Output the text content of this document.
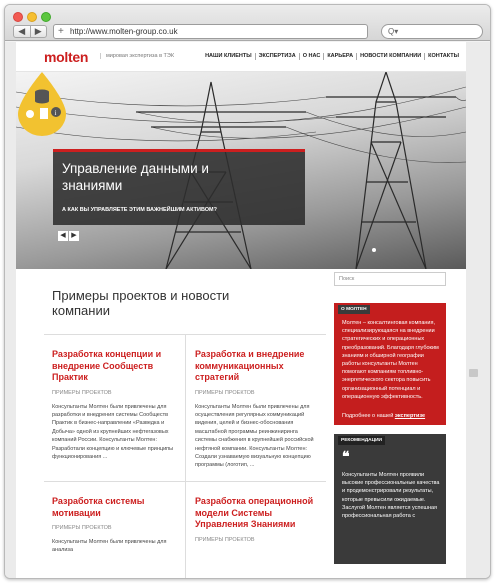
◀	▶	+ http://www.molten-group.co.uk	Q▾
molten	мировая экспертиза в ТЭК	НАШИ КЛИЕНТЫ	ЭКСПЕРТИЗА	О НАС	КАРЬЕРА	НОВОСТИ КОМПАНИИ	КОНТАКТЫ
Управление данными и знаниями
А КАК ВЫ УПРАВЛЯЕТЕ ЭТИМ ВАЖНЕЙШИМ АКТИВОМ?
i
◀ ▶
Примеры проектов и новости компании
Разработка концепции и внедрение Сообществ Практик
ПРИМЕРЫ ПРОЕКТОВ

Консультанты Молтен были привлечены для разработки и внедрения системы Сообществ Практик в бизнес-направлении «Разведка и Добыча» одной из крупнейших нефтегазовых компаний России. Консультанты Молтен: Разработали концепцию и ключевые принципы функционирования ...

Разработка и внедрение коммуникационных стратегий
ПРИМЕРЫ ПРОЕКТОВ

Консультанты Молтен были привлечены для осуществления регулярных коммуникаций видения, целей и бизнес-обоснования масштабной программы реинжиниринга системы снабжения в крупнейшей российской нефтяной компании. Консультанты Молтен: Создали узнаваемую визуальную концепцию программы (логотип, ...

Разработка системы мотивации
ПРИМЕРЫ ПРОЕКТОВ

Консультанты Молтен были привлечены для анализа

Разработка операционной модели Системы Управления Знаниями
ПРИМЕРЫ ПРОЕКТОВ
Поиск
О МОЛТЕН

Молтен – консалтинговая компания, специализирующаяся на внедрении стратегических и операционных преобразований. Благодаря глубоким знаниям и обширной географии работы консультанты Молтен помогают компаниям топливно-энергетического сектора повысить организационный потенциал и операционную эффективность.

Подробнее о нашей экспертизе
РЕКОМЕНДАЦИИ
❝

Консультанты Молтен проявили высокие профессиональные качества и продемонстрировали результаты, которые превысили ожидаемые. Заслугой Молтен является успешная профессиональная работа с
